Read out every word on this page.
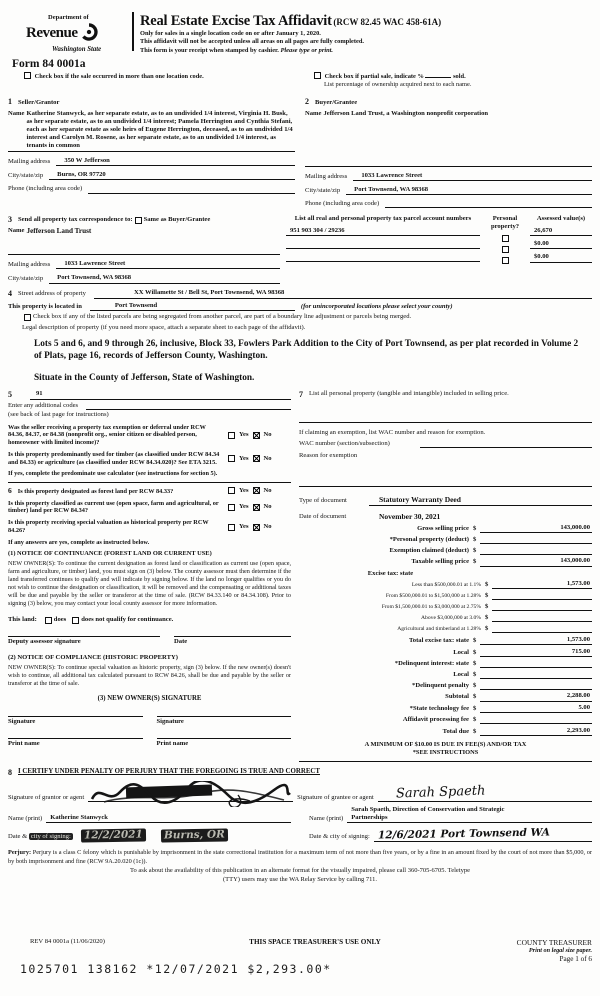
Department of
Revenue
Washington State
Real Estate Excise Tax Affidavit (RCW 82.45 WAC 458-61A)
Only for sales in a single location code on or after January 1, 2020.
This affidavit will not be accepted unless all areas on all pages are fully completed.
This form is your receipt when stamped by cashier. Please type or print.
Form 84 0001a
Check box if the sale occurred in more than one location code.	Check box if partial sale, indicate %	sold.
List percentage of ownership acquired next to each name.
1 Seller/Grantor
Name Katherine Stanwyck, as her separate estate, as to an undivided 1/4 interest, Virginia H. Busk, as her separate estate, as to an undivided 1/4 interest; Pamela Herrington and Cynthia Stefani, each as her separate estate as sole heirs of Eugene Herrington, deceased, as to an undivided 1/4 interest and Carolyn M. Rosene, as her separate estate, as to an undivided 1/4 interest, as tenants in common
Mailing address	350 W Jefferson
City/state/zip	Burns, OR 97720
Phone (including area code)
2 Buyer/Grantee
Name Jefferson Land Trust, a Washington nonprofit corporation
Mailing address	1033 Lawrence Street
City/state/zip	Port Townsend, WA 98368
Phone (including area code)
3 Send all property tax correspondence to: Same as Buyer/Grantee
Name Jefferson Land Trust
Mailing address	1033 Lawrence Street
City/state/zip	Port Townsend, WA 98368
List all real and personal property tax parcel account numbers
951 903 304 / 29236
Personal property?
Assessed value(s)
26,670
$0.00
$0.00
4 Street address of property	XX Willamette St / Bell St, Port Townsend, WA 98368
This property is located in	Port Townsend	(for unincorporated locations please select your county)
Check box if any of the listed parcels are being segregated from another parcel, are part of a boundary line adjustment or parcels being merged.
Legal description of property (if you need more space, attach a separate sheet to each page of the affidavit).
Lots 5 and 6, and 9 through 26, inclusive, Block 33, Fowlers Park Addition to the City of Port Townsend, as per plat recorded in Volume 2 of Plats, page 16, records of Jefferson County, Washington.
Situate in the County of Jefferson, State of Washington.
5	91
Enter any additional codes
(see back of last page for instructions)
Was the seller receiving a property tax exemption or deferral under RCW 84.36, 84.37, or 84.38 (nonprofit org., senior citizen or disabled person, homeowner with limited income)?
Yes No
Is this property predominantly used for timber (as classified under RCW 84.34 and 84.33) or agriculture (as classified under RCW 84.34.020)? See ETA 3215.
Yes No
If yes, complete the predominate use calculator (see instructions for section 5).
6 Is this property designated as forest land per RCW 84.33?	Yes No
Is this property classified as current use (open space, farm and agricultural, or timber) land per RCW 84.34?
Yes No
Is this property receiving special valuation as historical property per RCW 84.26?
Yes No
If any answers are yes, complete as instructed below.
(1) NOTICE OF CONTINUANCE (FOREST LAND OR CURRENT USE)
NEW OWNER(S): To continue the current designation as forest land or classification as current use (open space, farm and agriculture, or timber) land, you must sign on (3) below. The county assessor must then determine if the land transferred continues to qualify and will indicate by signing below. If the land no longer qualifies or you do not wish to continue the designation or classification, it will be removed and the compensating or additional taxes will be due and payable by the seller or transferor at the time of sale. (RCW 84.33.140 or 84.34.108). Prior to signing (3) below, you may contact your local county assessor for more information.
This land:	does does not qualify for continuance.
Deputy assessor signature	Date
(2) NOTICE OF COMPLIANCE (HISTORIC PROPERTY)
NEW OWNER(S): To continue special valuation as historic property, sign (3) below. If the new owner(s) doesn't wish to continue, all additional tax calculated pursuant to RCW 84.26, shall be due and payable by the seller or transferor at the time of sale.
(3) NEW OWNER(S) SIGNATURE
Signature	Signature
Print name	Print name
7 List all personal property (tangible and intangible) included in selling price.
If claiming an exemption, list WAC number and reason for exemption.
WAC number (section/subsection)
Reason for exemption
Type of document	Statutory Warranty Deed
Date of document	November 30, 2021
Gross selling price $	143,000.00
*Personal property (deduct) $
Exemption claimed (deduct) $
Taxable selling price $	143,000.00
Excise tax: state
Less than $500,000.01 at 1.1% $	1,573.00
From $500,000.01 to $1,500,000 at 1.28% $
From $1,500,000.01 to $3,000,000 at 2.75% $
Above $3,000,000 at 3.0% $
Agricultural and timberland at 1.28% $
Total excise tax: state $	1,573.00
Local $	715.00
*Delinquent interest: state $
Local $
*Delinquent penalty $
Subtotal $	2,288.00
*State technology fee $	5.00
Affidavit processing fee $
Total due $	2,293.00
A MINIMUM OF $10.00 IS DUE IN FEE(S) AND/OR TAX
*SEE INSTRUCTIONS
8 I CERTIFY UNDER PENALTY OF PERJURY THAT THE FOREGOING IS TRUE AND CORRECT
Signature of grantor or agent	Signature of grantee or agent Sarah Spaeth
Name (print)	Katherine Stanwyck	Name (print)
Sarah Spaeth, Direction of Conservation and Strategic
Partnerships
Date & city of signing:	12/2/2021 Burns, OR	Date & city of signing: 12/6/2021 Port Townsend WA
Perjury: Perjury is a class C felony which is punishable by imprisonment in the state correctional institution for a maximum term of not more than five years, or by a fine in an amount fixed by the court of not more than $5,000, or by both imprisonment and fine (RCW 9A.20.020 (1c)).
To ask about the availability of this publication in an alternate format for the visually impaired, please call 360-705-6705. Teletype
(TTY) users may use the WA Relay Service by calling 711.
REV 84 0001a (11/06/2020)	THIS SPACE TREASURER'S USE ONLY	COUNTY TREASURER
Print on legal size paper.
Page 1 of 6
1025701 138162 *12/07/2021 $2,293.00*
